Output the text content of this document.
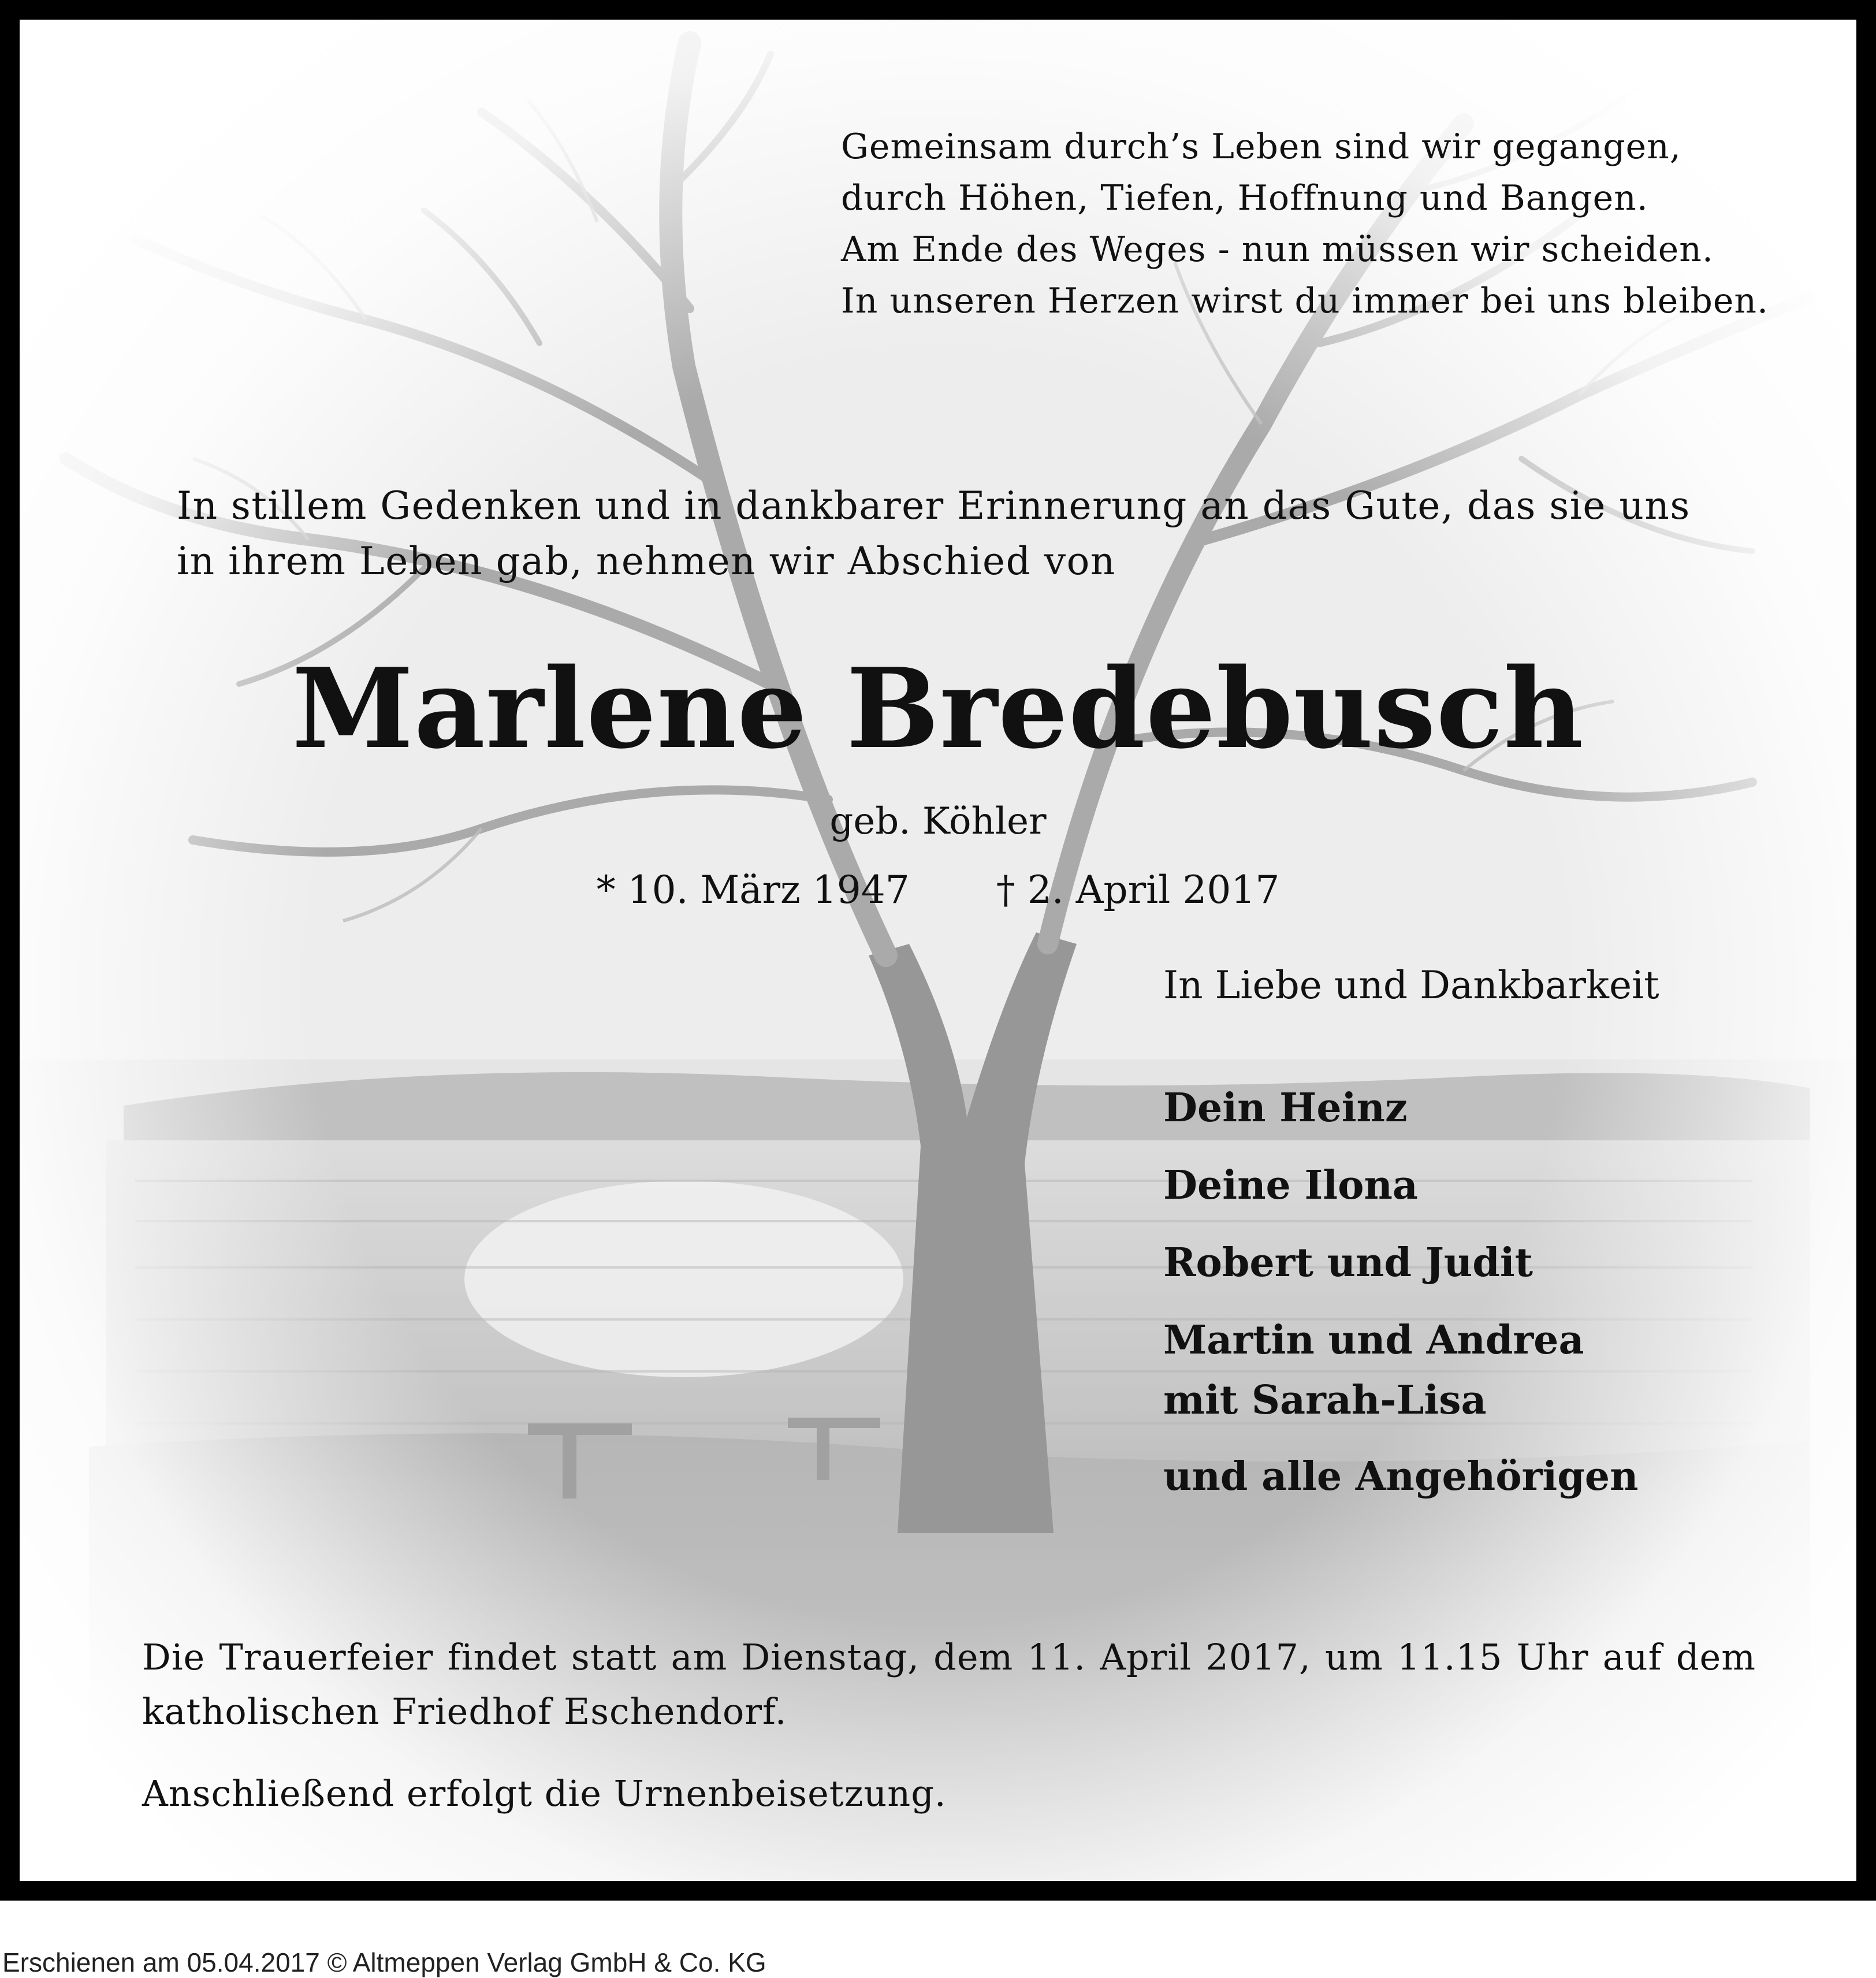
Gemeinsam durch’s Leben sind wir gegangen,
durch Höhen, Tiefen, Hoffnung und Bangen.
Am Ende des Weges - nun müssen wir scheiden.
In unseren Herzen wirst du immer bei uns bleiben.
In stillem Gedenken und in dankbarer Erinnerung an das Gute, das sie uns
in ihrem Leben gab, nehmen wir Abschied von
Marlene Bredebusch
geb. Köhler
* 10. März 1947 † 2. April 2017
In Liebe und Dankbarkeit
Dein Heinz
Deine Ilona
Robert und Judit
Martin und Andrea
mit Sarah-Lisa
und alle Angehörigen
Die Trauerfeier findet statt am Dienstag, dem 11. April 2017, um 11.15 Uhr auf dem katholischen Friedhof Eschendorf.
Anschließend erfolgt die Urnenbeisetzung.
Erschienen am 05.04.2017 © Altmeppen Verlag GmbH & Co. KG
